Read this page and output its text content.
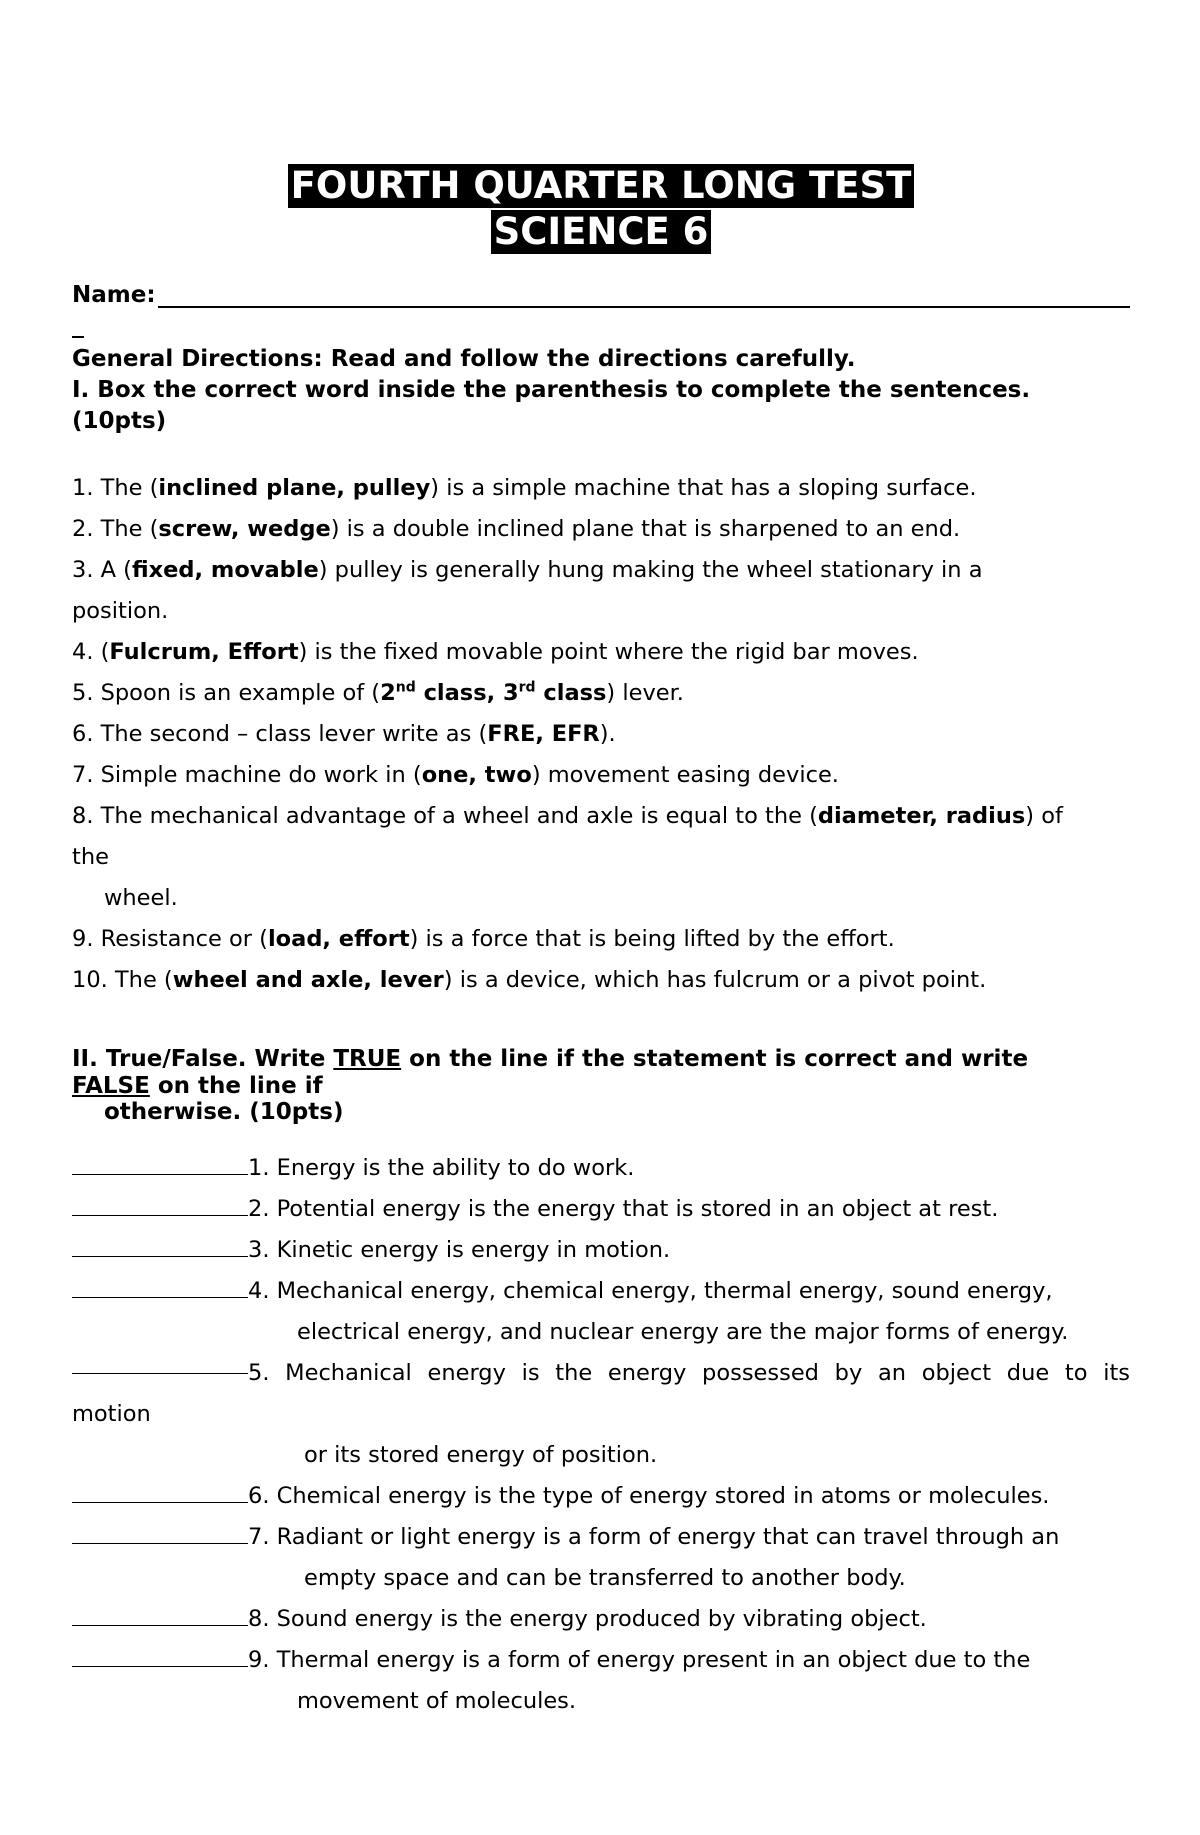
FOURTH QUARTER LONG TEST
SCIENCE 6
Name:
General Directions: Read and follow the directions carefully.
I. Box the correct word inside the parenthesis to complete the sentences.
(10pts)
1. The (inclined plane, pulley) is a simple machine that has a sloping surface.
2. The (screw, wedge) is a double inclined plane that is sharpened to an end.
3. A (fixed, movable) pulley is generally hung making the wheel stationary in a
position.
4. (Fulcrum, Effort) is the fixed movable point where the rigid bar moves.
5. Spoon is an example of (2nd class, 3rd class) lever.
6. The second – class lever write as (FRE, EFR).
7. Simple machine do work in (one, two) movement easing device.
8. The mechanical advantage of a wheel and axle is equal to the (diameter, radius) of
the
wheel.
9. Resistance or (load, effort) is a force that is being lifted by the effort.
10. The (wheel and axle, lever) is a device, which has fulcrum or a pivot point.
II. True/False. Write TRUE on the line if the statement is correct and write
FALSE on the line if
otherwise. (10pts)
1. Energy is the ability to do work.
2. Potential energy is the energy that is stored in an object at rest.
3. Kinetic energy is energy in motion.
4. Mechanical energy, chemical energy, thermal energy, sound energy,
electrical energy, and nuclear energy are the major forms of energy.
5. Mechanical energy is the energy possessed by an object due to its
motion
or its stored energy of position.
6. Chemical energy is the type of energy stored in atoms or molecules.
7. Radiant or light energy is a form of energy that can travel through an
empty space and can be transferred to another body.
8. Sound energy is the energy produced by vibrating object.
9. Thermal energy is a form of energy present in an object due to the
movement of molecules.
